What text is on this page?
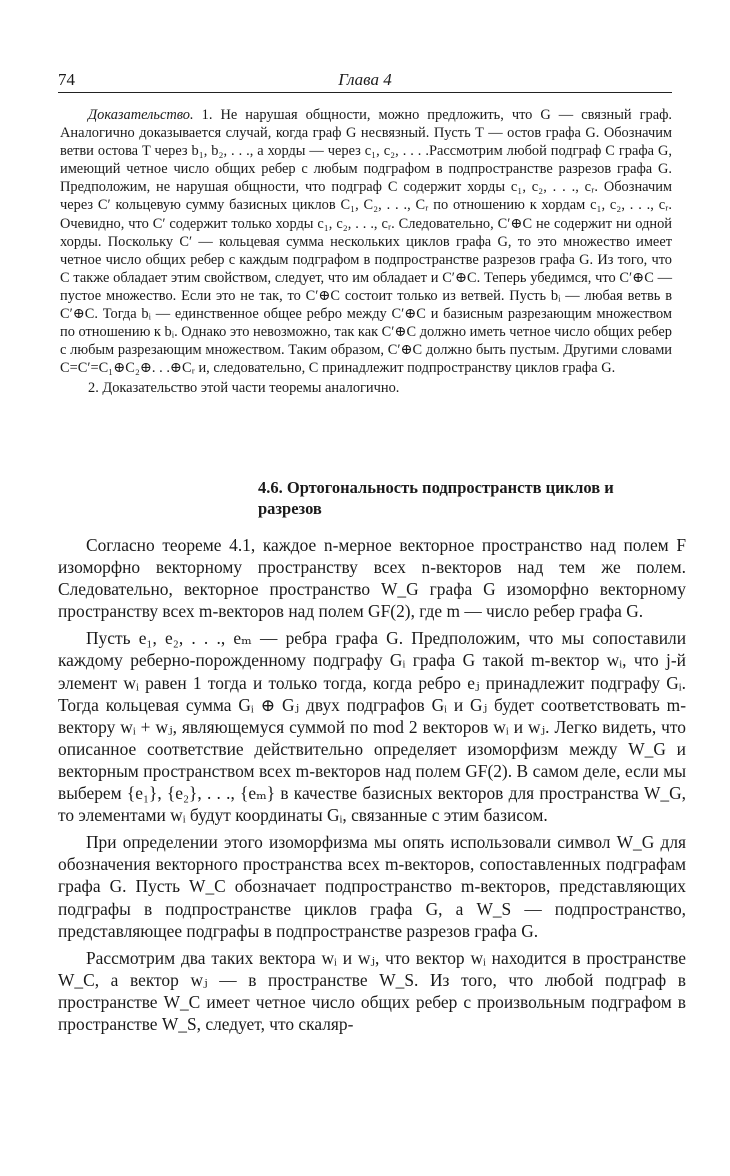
74	Глава 4

Доказательство. 1. Не нарушая общности, можно предложить, что G — связный граф. Аналогично доказывается случай, когда граф G несвязный. Пусть T — остов графа G. Обозначим ветви остова T через b₁, b₂, . . ., а хорды — через c₁, c₂, . . . .Рассмотрим любой подграф C графа G, имеющий четное число общих ребер с любым подграфом в подпространстве разрезов графа G. Предположим, не нарушая общности, что подграф C содержит хорды c₁, c₂, . . ., cᵣ. Обозначим через C′ кольцевую сумму базисных циклов C₁, C₂, . . ., Cᵣ по отношению к хордам c₁, c₂, . . ., cᵣ. Очевидно, что C′ содержит только хорды c₁, c₂, . . ., cᵣ. Следовательно, C′⊕C не содержит ни одной хорды. Поскольку C′ — кольцевая сумма нескольких циклов графа G, то это множество имеет четное число общих ребер с каждым подграфом в подпространстве разрезов графа G. Из того, что C также обладает этим свойством, следует, что им обладает и C′⊕C. Теперь убедимся, что C′⊕C — пустое множество. Если это не так, то C′⊕C состоит только из ветвей. Пусть bᵢ — любая ветвь в C′⊕C. Тогда bᵢ — единственное общее ребро между C′⊕C и базисным разрезающим множеством по отношению к bᵢ. Однако это невозможно, так как C′⊕C должно иметь четное число общих ребер с любым разрезающим множеством. Таким образом, C′⊕C должно быть пустым. Другими словами C=C′=C₁⊕C₂⊕. . .⊕Cᵣ и, следовательно, C принадлежит подпространству циклов графа G.

2. Доказательство этой части теоремы аналогично.

4.6. Ортогональность подпространств циклов и разрезов

Согласно теореме 4.1, каждое n-мерное векторное пространство над полем F изоморфно векторному пространству всех n-векторов над тем же полем. Следовательно, векторное пространство W_G графа G изоморфно векторному пространству всех m-векторов над полем GF(2), где m — число ребер графа G.

Пусть e₁, e₂, . . ., eₘ — ребра графа G. Предположим, что мы сопоставили каждому реберно-порожденному подграфу Gᵢ графа G такой m-вектор wᵢ, что j-й элемент wᵢ равен 1 тогда и только тогда, когда ребро eⱼ принадлежит подграфу Gᵢ. Тогда кольцевая сумма Gᵢ ⊕ Gⱼ двух подграфов Gᵢ и Gⱼ будет соответствовать m-вектору wᵢ + wⱼ, являющемуся суммой по mod 2 векторов wᵢ и wⱼ. Легко видеть, что описанное соответствие действительно определяет изоморфизм между W_G и векторным пространством всех m-векторов над полем GF(2). В самом деле, если мы выберем {e₁}, {e₂}, . . ., {eₘ} в качестве базисных векторов для пространства W_G, то элементами wᵢ будут координаты Gᵢ, связанные с этим базисом.

При определении этого изоморфизма мы опять использовали символ W_G для обозначения векторного пространства всех m-векторов, сопоставленных подграфам графа G. Пусть W_C обозначает подпространство m-векторов, представляющих подграфы в подпространстве циклов графа G, а W_S — подпространство, представляющее подграфы в подпространстве разрезов графа G.

Рассмотрим два таких вектора wᵢ и wⱼ, что вектор wᵢ находится в пространстве W_C, а вектор wⱼ — в пространстве W_S. Из того, что любой подграф в пространстве W_C имеет четное число общих ребер с произвольным подграфом в пространстве W_S, следует, что скаляр-
